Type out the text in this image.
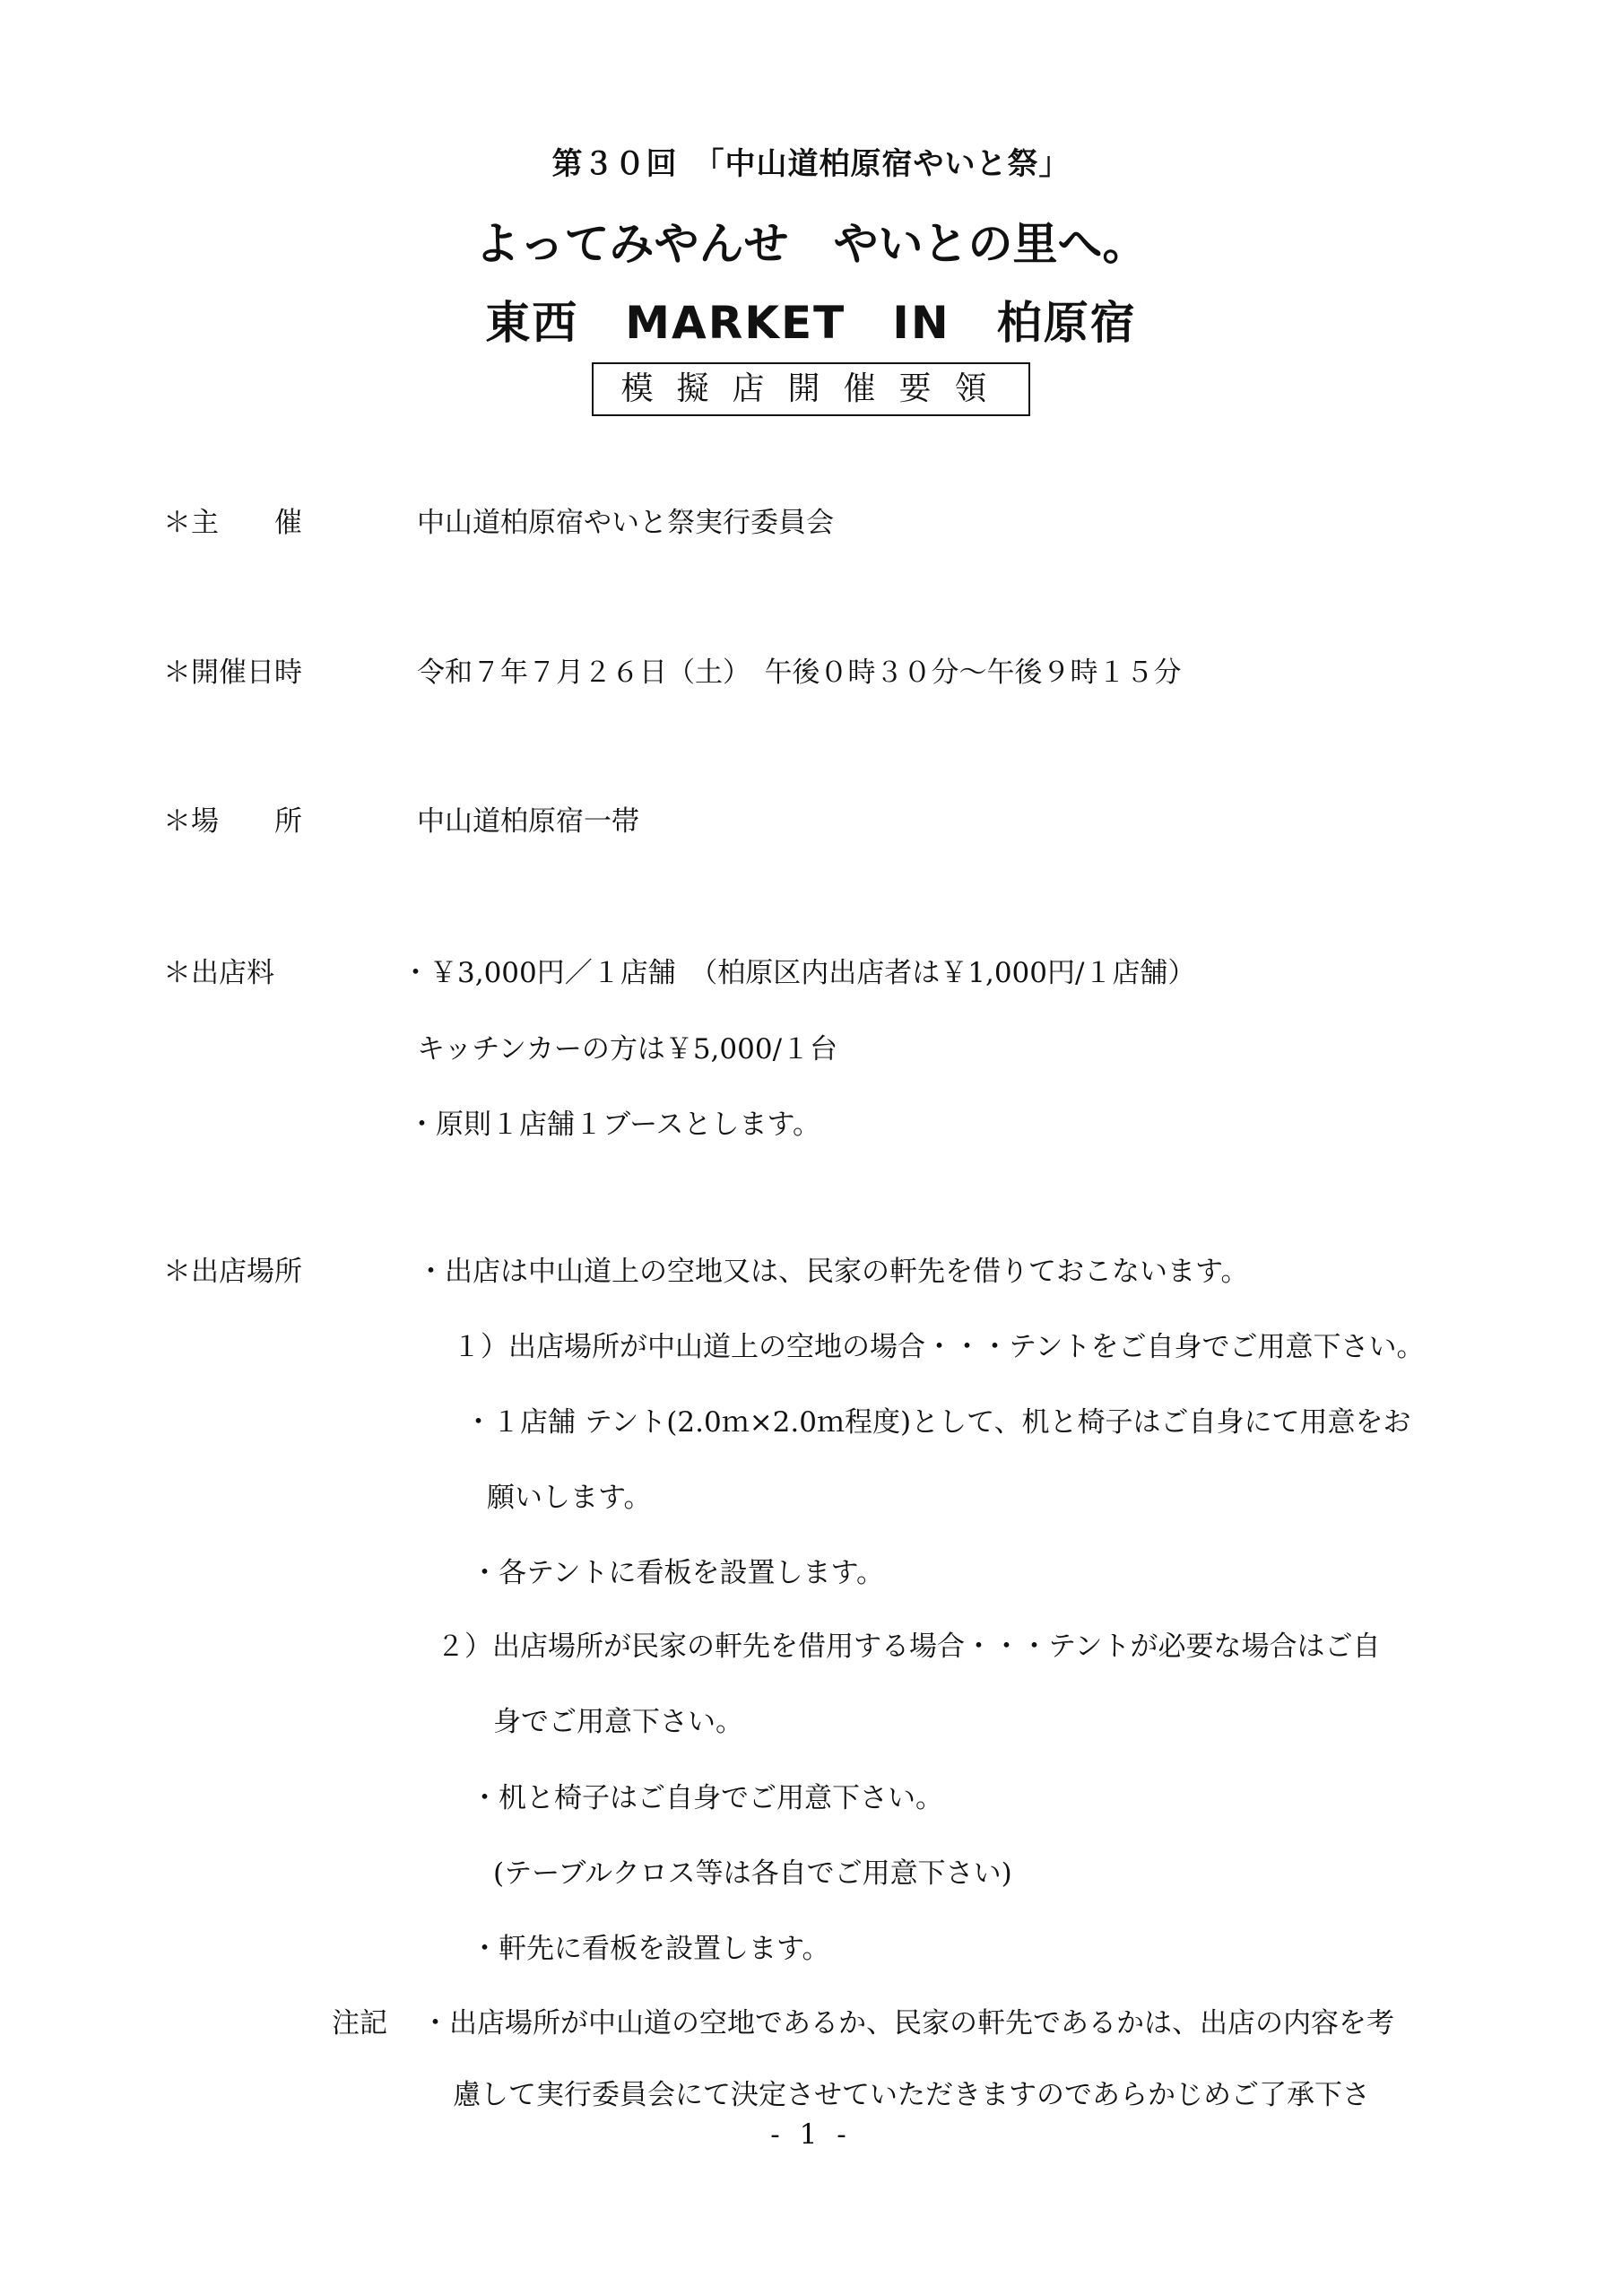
第３０回　「中山道柏原宿やいと祭」
よってみやんせ　やいとの里へ。
東西　MARKET　IN　柏原宿
模擬店開催要領
＊主　　催	中山道柏原宿やいと祭実行委員会
＊開催日時	令和７年７月２６日（土）　午後０時３０分～午後９時１５分
＊場　　所	中山道柏原宿一帯
＊出店料	・￥3,000円／１店舗　（柏原区内出店者は￥1,000円/１店舗）
キッチンカーの方は￥5,000/１台
・原則１店舗１ブースとします。
＊出店場所	・出店は中山道上の空地又は、民家の軒先を借りておこないます。
１）出店場所が中山道上の空地の場合・・・テントをご自身でご用意下さい。
・１店舗 テント(2.0ｍ×2.0ｍ程度)として、机と椅子はご自身にて用意をお
願いします。
・各テントに看板を設置します。
２）出店場所が民家の軒先を借用する場合・・・テントが必要な場合はご自
身でご用意下さい。
・机と椅子はご自身でご用意下さい。
(テーブルクロス等は各自でご用意下さい)
・軒先に看板を設置します。
注記 ・出店場所が中山道の空地であるか、民家の軒先であるかは、出店の内容を考
慮して実行委員会にて決定させていただきますのであらかじめご了承下さ
- 1 -
